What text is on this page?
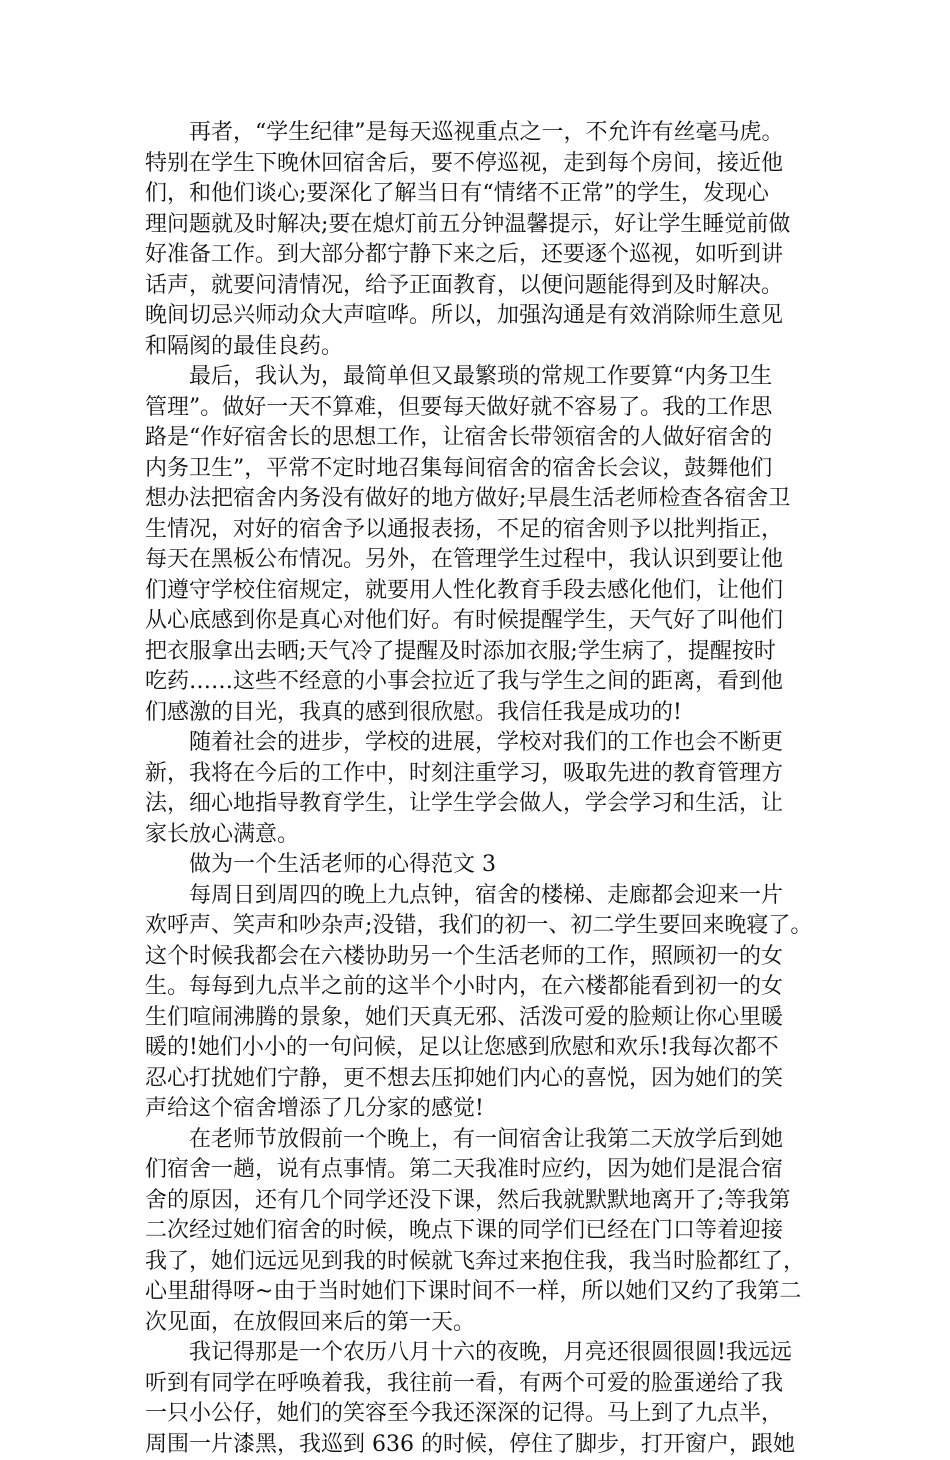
再者，“学生纪律”是每天巡视重点之一，不允许有丝毫马虎。
特别在学生下晚休回宿舍后，要不停巡视，走到每个房间，接近他
们，和他们谈心;要深化了解当日有“情绪不正常”的学生，发现心
理问题就及时解决;要在熄灯前五分钟温馨提示，好让学生睡觉前做
好准备工作。到大部分都宁静下来之后，还要逐个巡视，如听到讲
话声，就要问清情况，给予正面教育，以便问题能得到及时解决。
晚间切忌兴师动众大声喧哗。所以，加强沟通是有效消除师生意见
和隔阂的最佳良药。
最后，我认为，最简单但又最繁琐的常规工作要算“内务卫生
管理”。做好一天不算难，但要每天做好就不容易了。我的工作思
路是“作好宿舍长的思想工作，让宿舍长带领宿舍的人做好宿舍的
内务卫生”，平常不定时地召集每间宿舍的宿舍长会议，鼓舞他们
想办法把宿舍内务没有做好的地方做好;早晨生活老师检查各宿舍卫
生情况，对好的宿舍予以通报表扬，不足的宿舍则予以批判指正，
每天在黑板公布情况。另外，在管理学生过程中，我认识到要让他
们遵守学校住宿规定，就要用人性化教育手段去感化他们，让他们
从心底感到你是真心对他们好。有时候提醒学生，天气好了叫他们
把衣服拿出去晒;天气冷了提醒及时添加衣服;学生病了，提醒按时
吃药……这些不经意的小事会拉近了我与学生之间的距离，看到他
们感激的目光，我真的感到很欣慰。我信任我是成功的!
随着社会的进步，学校的进展，学校对我们的工作也会不断更
新，我将在今后的工作中，时刻注重学习，吸取先进的教育管理方
法，细心地指导教育学生，让学生学会做人，学会学习和生活，让
家长放心满意。
做为一个生活老师的心得范文 3
每周日到周四的晚上九点钟，宿舍的楼梯、走廊都会迎来一片
欢呼声、笑声和吵杂声;没错，我们的初一、初二学生要回来晚寝了。
这个时候我都会在六楼协助另一个生活老师的工作，照顾初一的女
生。每每到九点半之前的这半个小时内，在六楼都能看到初一的女
生们喧闹沸腾的景象，她们天真无邪、活泼可爱的脸颊让你心里暖
暖的!她们小小的一句问候，足以让您感到欣慰和欢乐!我每次都不
忍心打扰她们宁静，更不想去压抑她们内心的喜悦，因为她们的笑
声给这个宿舍增添了几分家的感觉!
在老师节放假前一个晚上，有一间宿舍让我第二天放学后到她
们宿舍一趟，说有点事情。第二天我准时应约，因为她们是混合宿
舍的原因，还有几个同学还没下课，然后我就默默地离开了;等我第
二次经过她们宿舍的时候，晚点下课的同学们已经在门口等着迎接
我了，她们远远见到我的时候就飞奔过来抱住我，我当时脸都红了，
心里甜得呀~由于当时她们下课时间不一样，所以她们又约了我第二
次见面，在放假回来后的第一天。
我记得那是一个农历八月十六的夜晚，月亮还很圆很圆!我远远
听到有同学在呼唤着我，我往前一看，有两个可爱的脸蛋递给了我
一只小公仔，她们的笑容至今我还深深的记得。马上到了九点半，
周围一片漆黑，我巡到 636 的时候，停住了脚步，打开窗户，跟她
